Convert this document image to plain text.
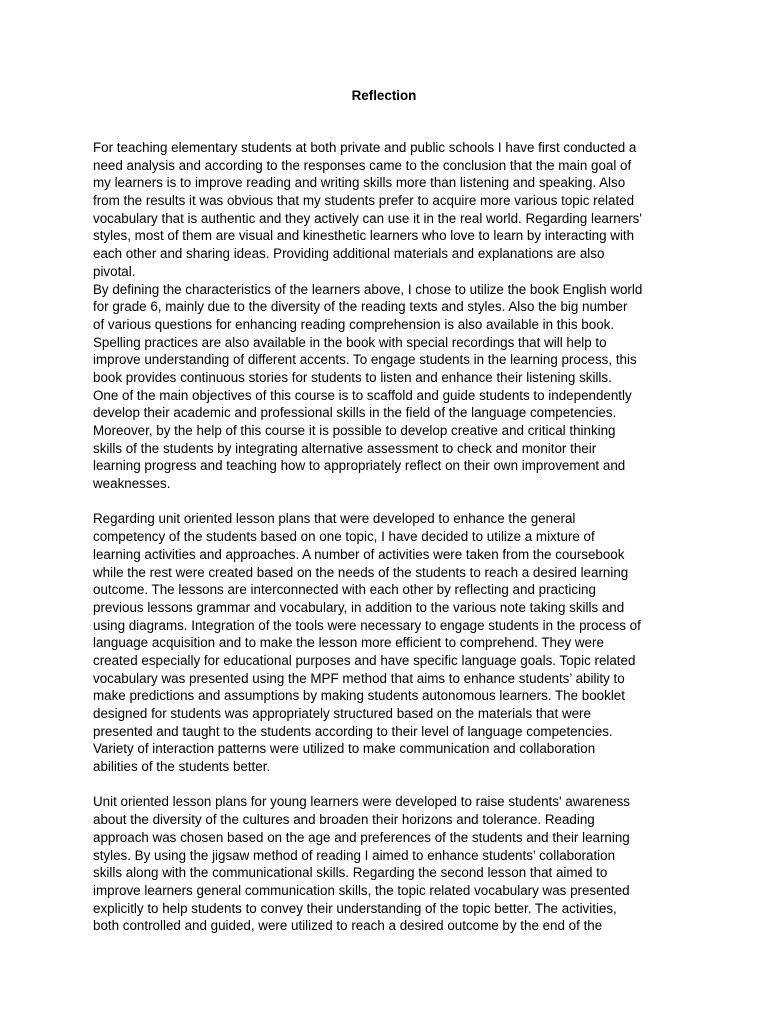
Reflection
For teaching elementary students at both private and public schools I have first conducted a
need analysis and according to the responses came to the conclusion that the main goal of
my learners is to improve reading and writing skills more than listening and speaking. Also
from the results it was obvious that my students prefer to acquire more various topic related
vocabulary that is authentic and they actively can use it in the real world. Regarding learners'
styles, most of them are visual and kinesthetic learners who love to learn by interacting with
each other and sharing ideas. Providing additional materials and explanations are also
pivotal.
By defining the characteristics of the learners above, I chose to utilize the book English world
for grade 6, mainly due to the diversity of the reading texts and styles. Also the big number
of various questions for enhancing reading comprehension is also available in this book.
Spelling practices are also available in the book with special recordings that will help to
improve understanding of different accents. To engage students in the learning process, this
book provides continuous stories for students to listen and enhance their listening skills.
One of the main objectives of this course is to scaffold and guide students to independently
develop their academic and professional skills in the field of the language competencies.
Moreover, by the help of this course it is possible to develop creative and critical thinking
skills of the students by integrating alternative assessment to check and monitor their
learning progress and teaching how to appropriately reflect on their own improvement and
weaknesses.
Regarding unit oriented lesson plans that were developed to enhance the general
competency of the students based on one topic, I have decided to utilize a mixture of
learning activities and approaches. A number of activities were taken from the coursebook
while the rest were created based on the needs of the students to reach a desired learning
outcome. The lessons are interconnected with each other by reflecting and practicing
previous lessons grammar and vocabulary, in addition to the various note taking skills and
using diagrams. Integration of the tools were necessary to engage students in the process of
language acquisition and to make the lesson more efficient to comprehend. They were
created especially for educational purposes and have specific language goals. Topic related
vocabulary was presented using the MPF method that aims to enhance students’ ability to
make predictions and assumptions by making students autonomous learners. The booklet
designed for students was appropriately structured based on the materials that were
presented and taught to the students according to their level of language competencies.
Variety of interaction patterns were utilized to make communication and collaboration
abilities of the students better.
Unit oriented lesson plans for young learners were developed to raise students' awareness
about the diversity of the cultures and broaden their horizons and tolerance. Reading
approach was chosen based on the age and preferences of the students and their learning
styles. By using the jigsaw method of reading I aimed to enhance students’ collaboration
skills along with the communicational skills. Regarding the second lesson that aimed to
improve learners general communication skills, the topic related vocabulary was presented
explicitly to help students to convey their understanding of the topic better. The activities,
both controlled and guided, were utilized to reach a desired outcome by the end of the
